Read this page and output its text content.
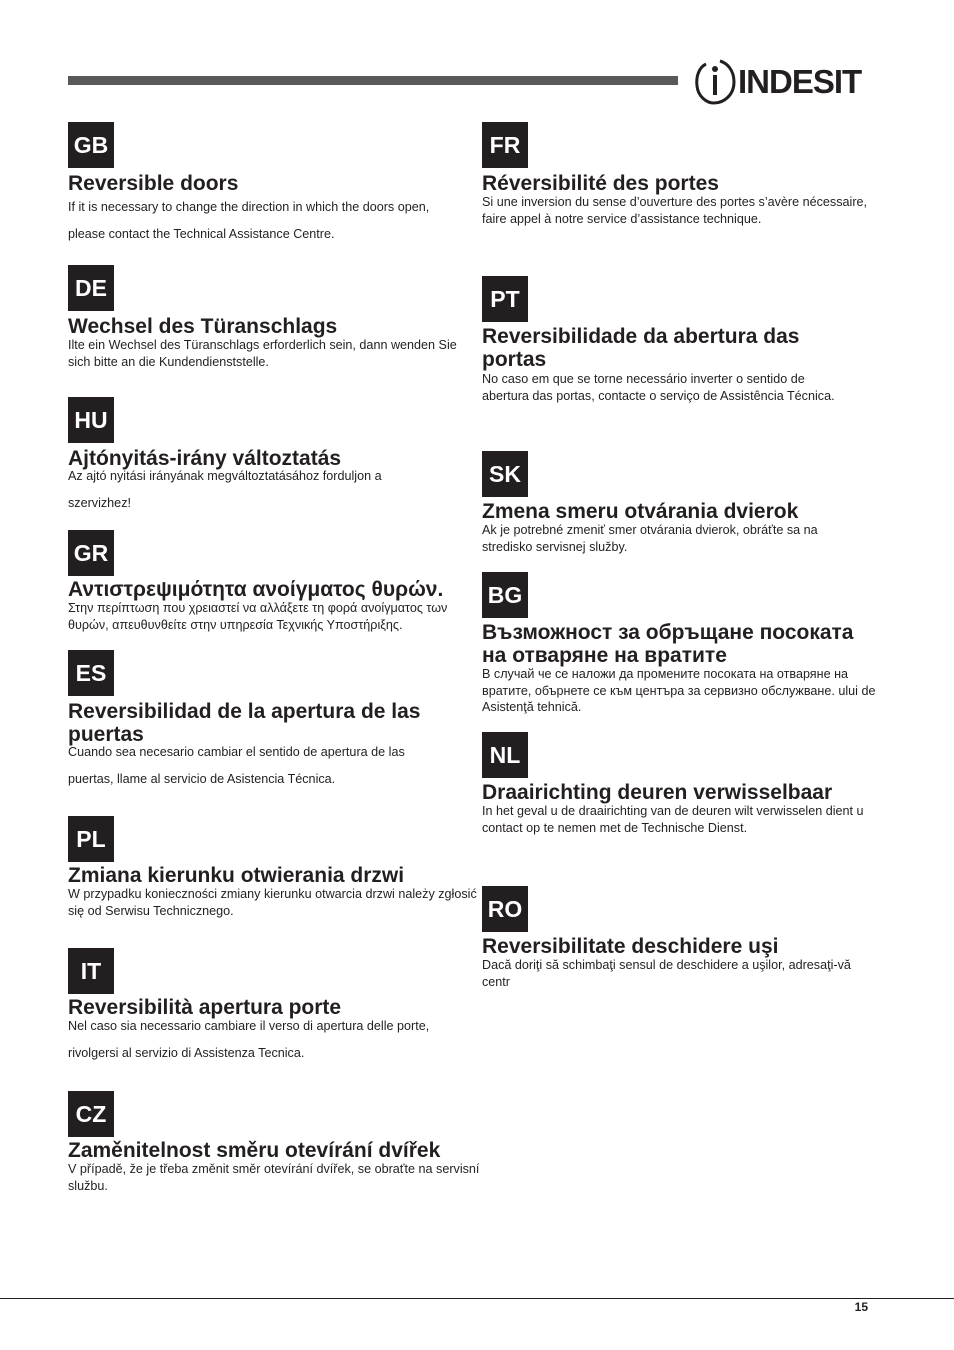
INDESIT
GB
Reversible doors

If it is necessary to change the direction in which the doors open, please contact the Technical Assistance Centre.

DE
Wechsel des Türanschlags

Ilte ein Wechsel des Türanschlags erforderlich sein, dann wenden Sie sich bitte an die Kundendienststelle.

HU
Ajtónyitás-irány változtatás

Az ajtó nyitási irányának megváltoztatásához forduljon a szervizhez!

GR
Αντιστρεψιμότητα ανοίγματος θυρών.

Στην περίπτωση που χρειαστεί να αλλάξετε τη φορά ανοίγματος των θυρών, απευθυνθείτε στην υπηρεσία Τεχνικής Υποστήριξης.

ES
Reversibilidad de la apertura de las puertas

Cuando sea necesario cambiar el sentido de apertura de las puertas, llame al servicio de Asistencia Técnica.

PL
Zmiana kierunku otwierania drzwi

W przypadku konieczności zmiany kierunku otwarcia drzwi należy zgłosić się od Serwisu Technicznego.

IT
Reversibilità apertura porte

Nel caso sia necessario cambiare il verso di apertura delle porte, rivolgersi al servizio di Assistenza Tecnica.

CZ
Zaměnitelnost směru otevírání dvířek

V případě, že je třeba změnit směr otevírání dvířek, se obraťte na servisní službu.

FR
Réversibilité des portes

Si une inversion du sense d’ouverture des portes s’avère nécessaire, faire appel à notre service d’assistance technique.

PT
Reversibilidade da abertura das portas

No caso em que se torne necessário inverter o sentido de abertura das portas, contacte o serviço de Assistência Técnica.

SK
Zmena smeru otvárania dvierok

Ak je potrebné zmeniť smer otvárania dvierok, obráťte sa na stredisko servisnej služby.

BG
Възможност за обръщане посоката на отваряне на вратите

В случай че се наложи да промените посоката на отваряне на вратите, обърнете се към центъра за сервизно обслужване. ului de Asistenţă tehnică.

NL
Draairichting deuren verwisselbaar

In het geval u de draairichting van de deuren wilt verwisselen dient u contact op te nemen met de Technische Dienst.

RO
Reversibilitate deschidere uşi

Dacă doriţi să schimbaţi sensul de deschidere a uşilor, adresaţi-vă centr

15
